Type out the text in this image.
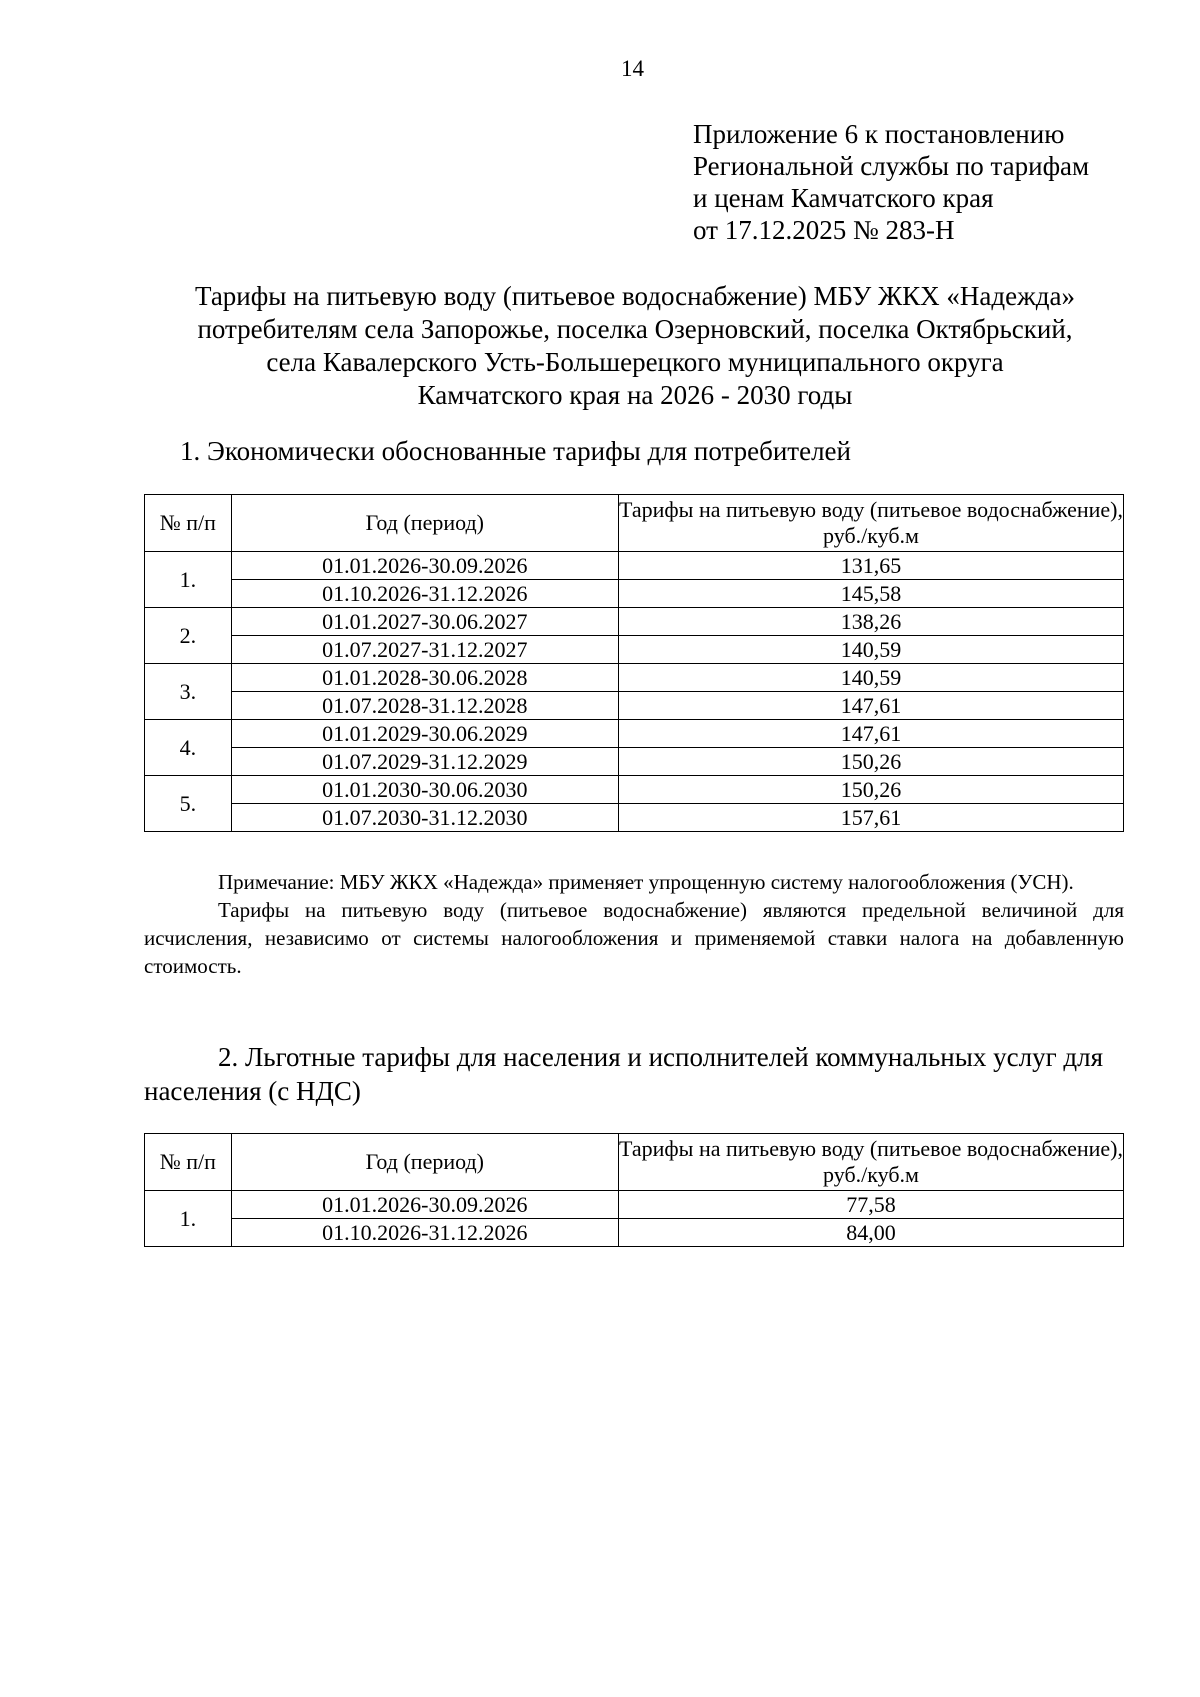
14
Приложение 6 к постановлению
Региональной службы по тарифам
и ценам Камчатского края
от 17.12.2025 № 283-Н
Тарифы на питьевую воду (питьевое водоснабжение) МБУ ЖКХ «Надежда»
потребителям села Запорожье, поселка Озерновский, поселка Октябрьский,
села Кавалерского Усть-Большерецкого муниципального округа
Камчатского края на 2026 - 2030 годы
1. Экономически обоснованные тарифы для потребителей
№ п/п	Год (период)	Тарифы на питьевую воду (питьевое водоснабжение), руб./куб.м
1.	01.01.2026-30.09.2026	131,65
	01.10.2026-31.12.2026	145,58
2.	01.01.2027-30.06.2027	138,26
	01.07.2027-31.12.2027	140,59
3.	01.01.2028-30.06.2028	140,59
	01.07.2028-31.12.2028	147,61
4.	01.01.2029-30.06.2029	147,61
	01.07.2029-31.12.2029	150,26
5.	01.01.2030-30.06.2030	150,26
	01.07.2030-31.12.2030	157,61

Примечание: МБУ ЖКХ «Надежда» применяет упрощенную систему налогообложения (УСН).

Тарифы на питьевую воду (питьевое водоснабжение) являются предельной величиной для исчисления, независимо от системы налогообложения и применяемой ставки налога на добавленную стоимость.

2. Льготные тарифы для населения и исполнителей коммунальных услуг для населения (с НДС)
№ п/п	Год (период)	Тарифы на питьевую воду (питьевое водоснабжение), руб./куб.м
1.	01.01.2026-30.09.2026	77,58
	01.10.2026-31.12.2026	84,00
